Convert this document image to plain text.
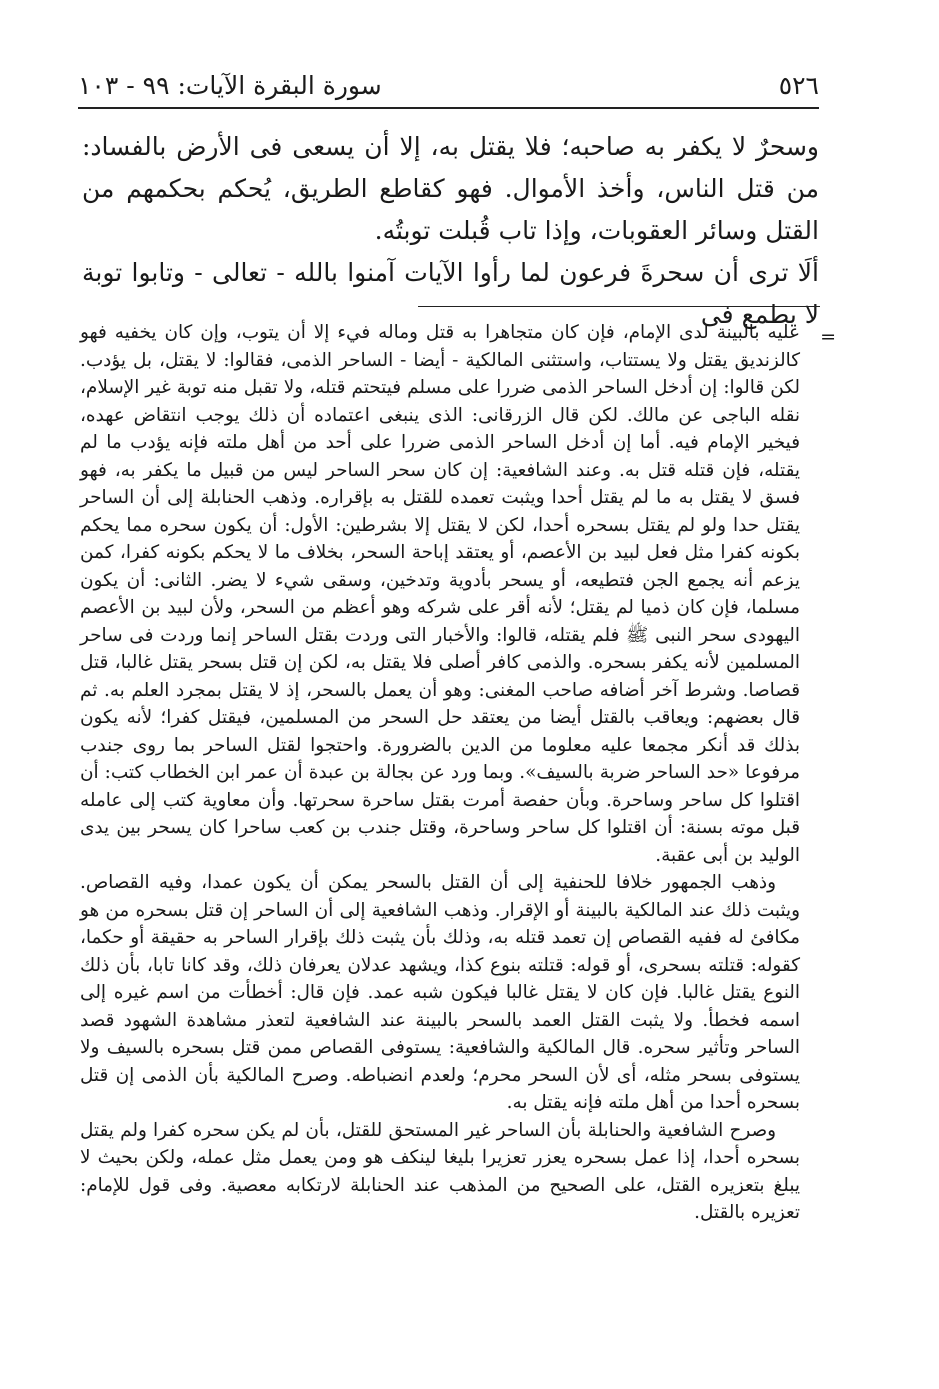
٥٢٦
سورة البقرة الآيات: ٩٩ - ١٠٣

وسحرٌ لا يكفر به صاحبه؛ فلا يقتل به، إلا أن يسعى فى الأرض بالفساد: من قتل الناس، وأخذ الأموال. فهو كقاطع الطريق، يُحكم بحكمهم من القتل وسائر العقوبات، وإذا تاب قُبلت توبتُه.

ألَا ترى أن سحرةَ فرعون لما رأوا الآيات آمنوا بالله - تعالى - وتابوا توبة لا يطمع فى

=

عليه بالبينة لدى الإمام، فإن كان متجاهرا به قتل وماله فيء إلا أن يتوب، وإن كان يخفيه فهو كالزنديق يقتل ولا يستتاب، واستثنى المالكية - أيضا - الساحر الذمى، فقالوا: لا يقتل، بل يؤدب. لكن قالوا: إن أدخل الساحر الذمى ضررا على مسلم فيتحتم قتله، ولا تقبل منه توبة غير الإسلام، نقله الباجى عن مالك. لكن قال الزرقانى: الذى ينبغى اعتماده أن ذلك يوجب انتقاض عهده، فيخير الإمام فيه. أما إن أدخل الساحر الذمى ضررا على أحد من أهل ملته فإنه يؤدب ما لم يقتله، فإن قتله قتل به. وعند الشافعية: إن كان سحر الساحر ليس من قبيل ما يكفر به، فهو فسق لا يقتل به ما لم يقتل أحدا ويثبت تعمده للقتل به بإقراره. وذهب الحنابلة إلى أن الساحر يقتل حدا ولو لم يقتل بسحره أحدا، لكن لا يقتل إلا بشرطين: الأول: أن يكون سحره مما يحكم بكونه كفرا مثل فعل لبيد بن الأعصم، أو يعتقد إباحة السحر، بخلاف ما لا يحكم بكونه كفرا، كمن يزعم أنه يجمع الجن فتطيعه، أو يسحر بأدوية وتدخين، وسقى شيء لا يضر. الثانى: أن يكون مسلما، فإن كان ذميا لم يقتل؛ لأنه أقر على شركه وهو أعظم من السحر، ولأن لبيد بن الأعصم اليهودى سحر النبى ﷺ فلم يقتله، قالوا: والأخبار التى وردت بقتل الساحر إنما وردت فى ساحر المسلمين لأنه يكفر بسحره. والذمى كافر أصلى فلا يقتل به، لكن إن قتل بسحر يقتل غالبا، قتل قصاصا. وشرط آخر أضافه صاحب المغنى: وهو أن يعمل بالسحر، إذ لا يقتل بمجرد العلم به. ثم قال بعضهم: ويعاقب بالقتل أيضا من يعتقد حل السحر من المسلمين، فيقتل كفرا؛ لأنه يكون بذلك قد أنكر مجمعا عليه معلوما من الدين بالضرورة. واحتجوا لقتل الساحر بما روى جندب مرفوعا «حد الساحر ضربة بالسيف». وبما ورد عن بجالة بن عبدة أن عمر ابن الخطاب كتب: أن اقتلوا كل ساحر وساحرة. وبأن حفصة أمرت بقتل ساحرة سحرتها. وأن معاوية كتب إلى عامله قبل موته بسنة: أن اقتلوا كل ساحر وساحرة، وقتل جندب بن كعب ساحرا كان يسحر بين يدى الوليد بن أبى عقبة.

وذهب الجمهور خلافا للحنفية إلى أن القتل بالسحر يمكن أن يكون عمدا، وفيه القصاص. ويثبت ذلك عند المالكية بالبينة أو الإقرار. وذهب الشافعية إلى أن الساحر إن قتل بسحره من هو مكافئ له ففيه القصاص إن تعمد قتله به، وذلك بأن يثبت ذلك بإقرار الساحر به حقيقة أو حكما، كقوله: قتلته بسحرى، أو قوله: قتلته بنوع كذا، ويشهد عدلان يعرفان ذلك، وقد كانا تابا، بأن ذلك النوع يقتل غالبا. فإن كان لا يقتل غالبا فيكون شبه عمد. فإن قال: أخطأت من اسم غيره إلى اسمه فخطأ. ولا يثبت القتل العمد بالسحر بالبينة عند الشافعية لتعذر مشاهدة الشهود قصد الساحر وتأثير سحره. قال المالكية والشافعية: يستوفى القصاص ممن قتل بسحره بالسيف ولا يستوفى بسحر مثله، أى لأن السحر محرم؛ ولعدم انضباطه. وصرح المالكية بأن الذمى إن قتل بسحره أحدا من أهل ملته فإنه يقتل به.

وصرح الشافعية والحنابلة بأن الساحر غير المستحق للقتل، بأن لم يكن سحره كفرا ولم يقتل بسحره أحدا، إذا عمل بسحره يعزر تعزيرا بليغا لينكف هو ومن يعمل مثل عمله، ولكن بحيث لا يبلغ بتعزيره القتل، على الصحيح من المذهب عند الحنابلة لارتكابه معصية. وفى قول للإمام: تعزيره بالقتل.
